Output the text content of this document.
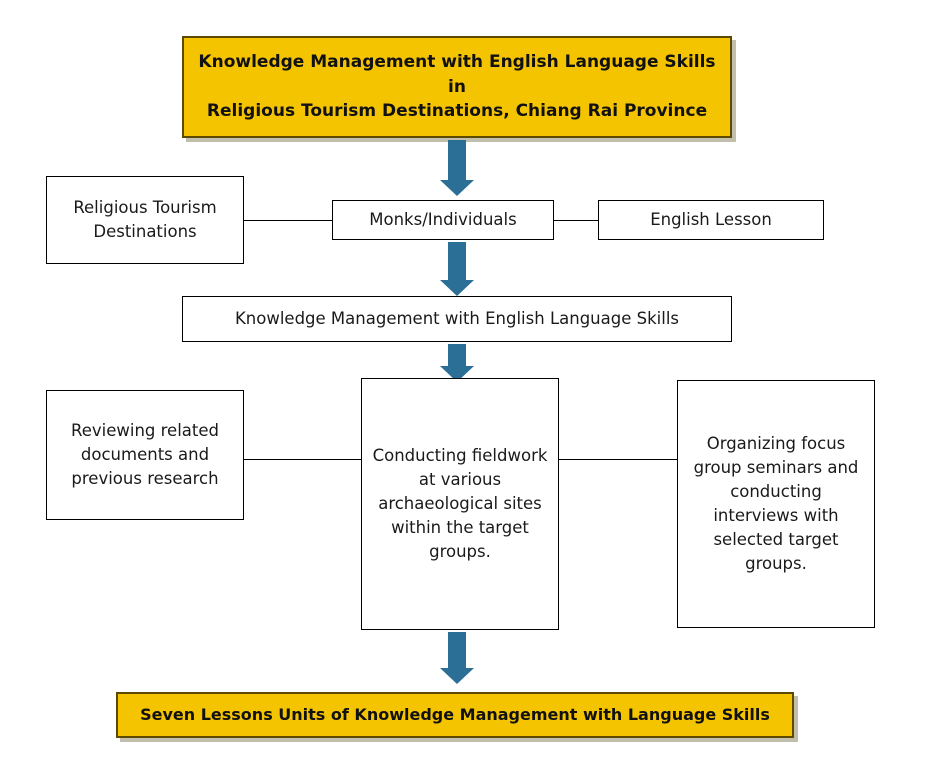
Knowledge Management with English Language Skills in
Religious Tourism Destinations, Chiang Rai Province
Religious Tourism Destinations
Monks/Individuals	English Lesson
Knowledge Management with English Language Skills
Reviewing related documents and previous research
Conducting fieldwork at various archaeological sites within the target groups.
Organizing focus group seminars and conducting interviews with selected target groups.
Seven Lessons Units of Knowledge Management with Language Skills
